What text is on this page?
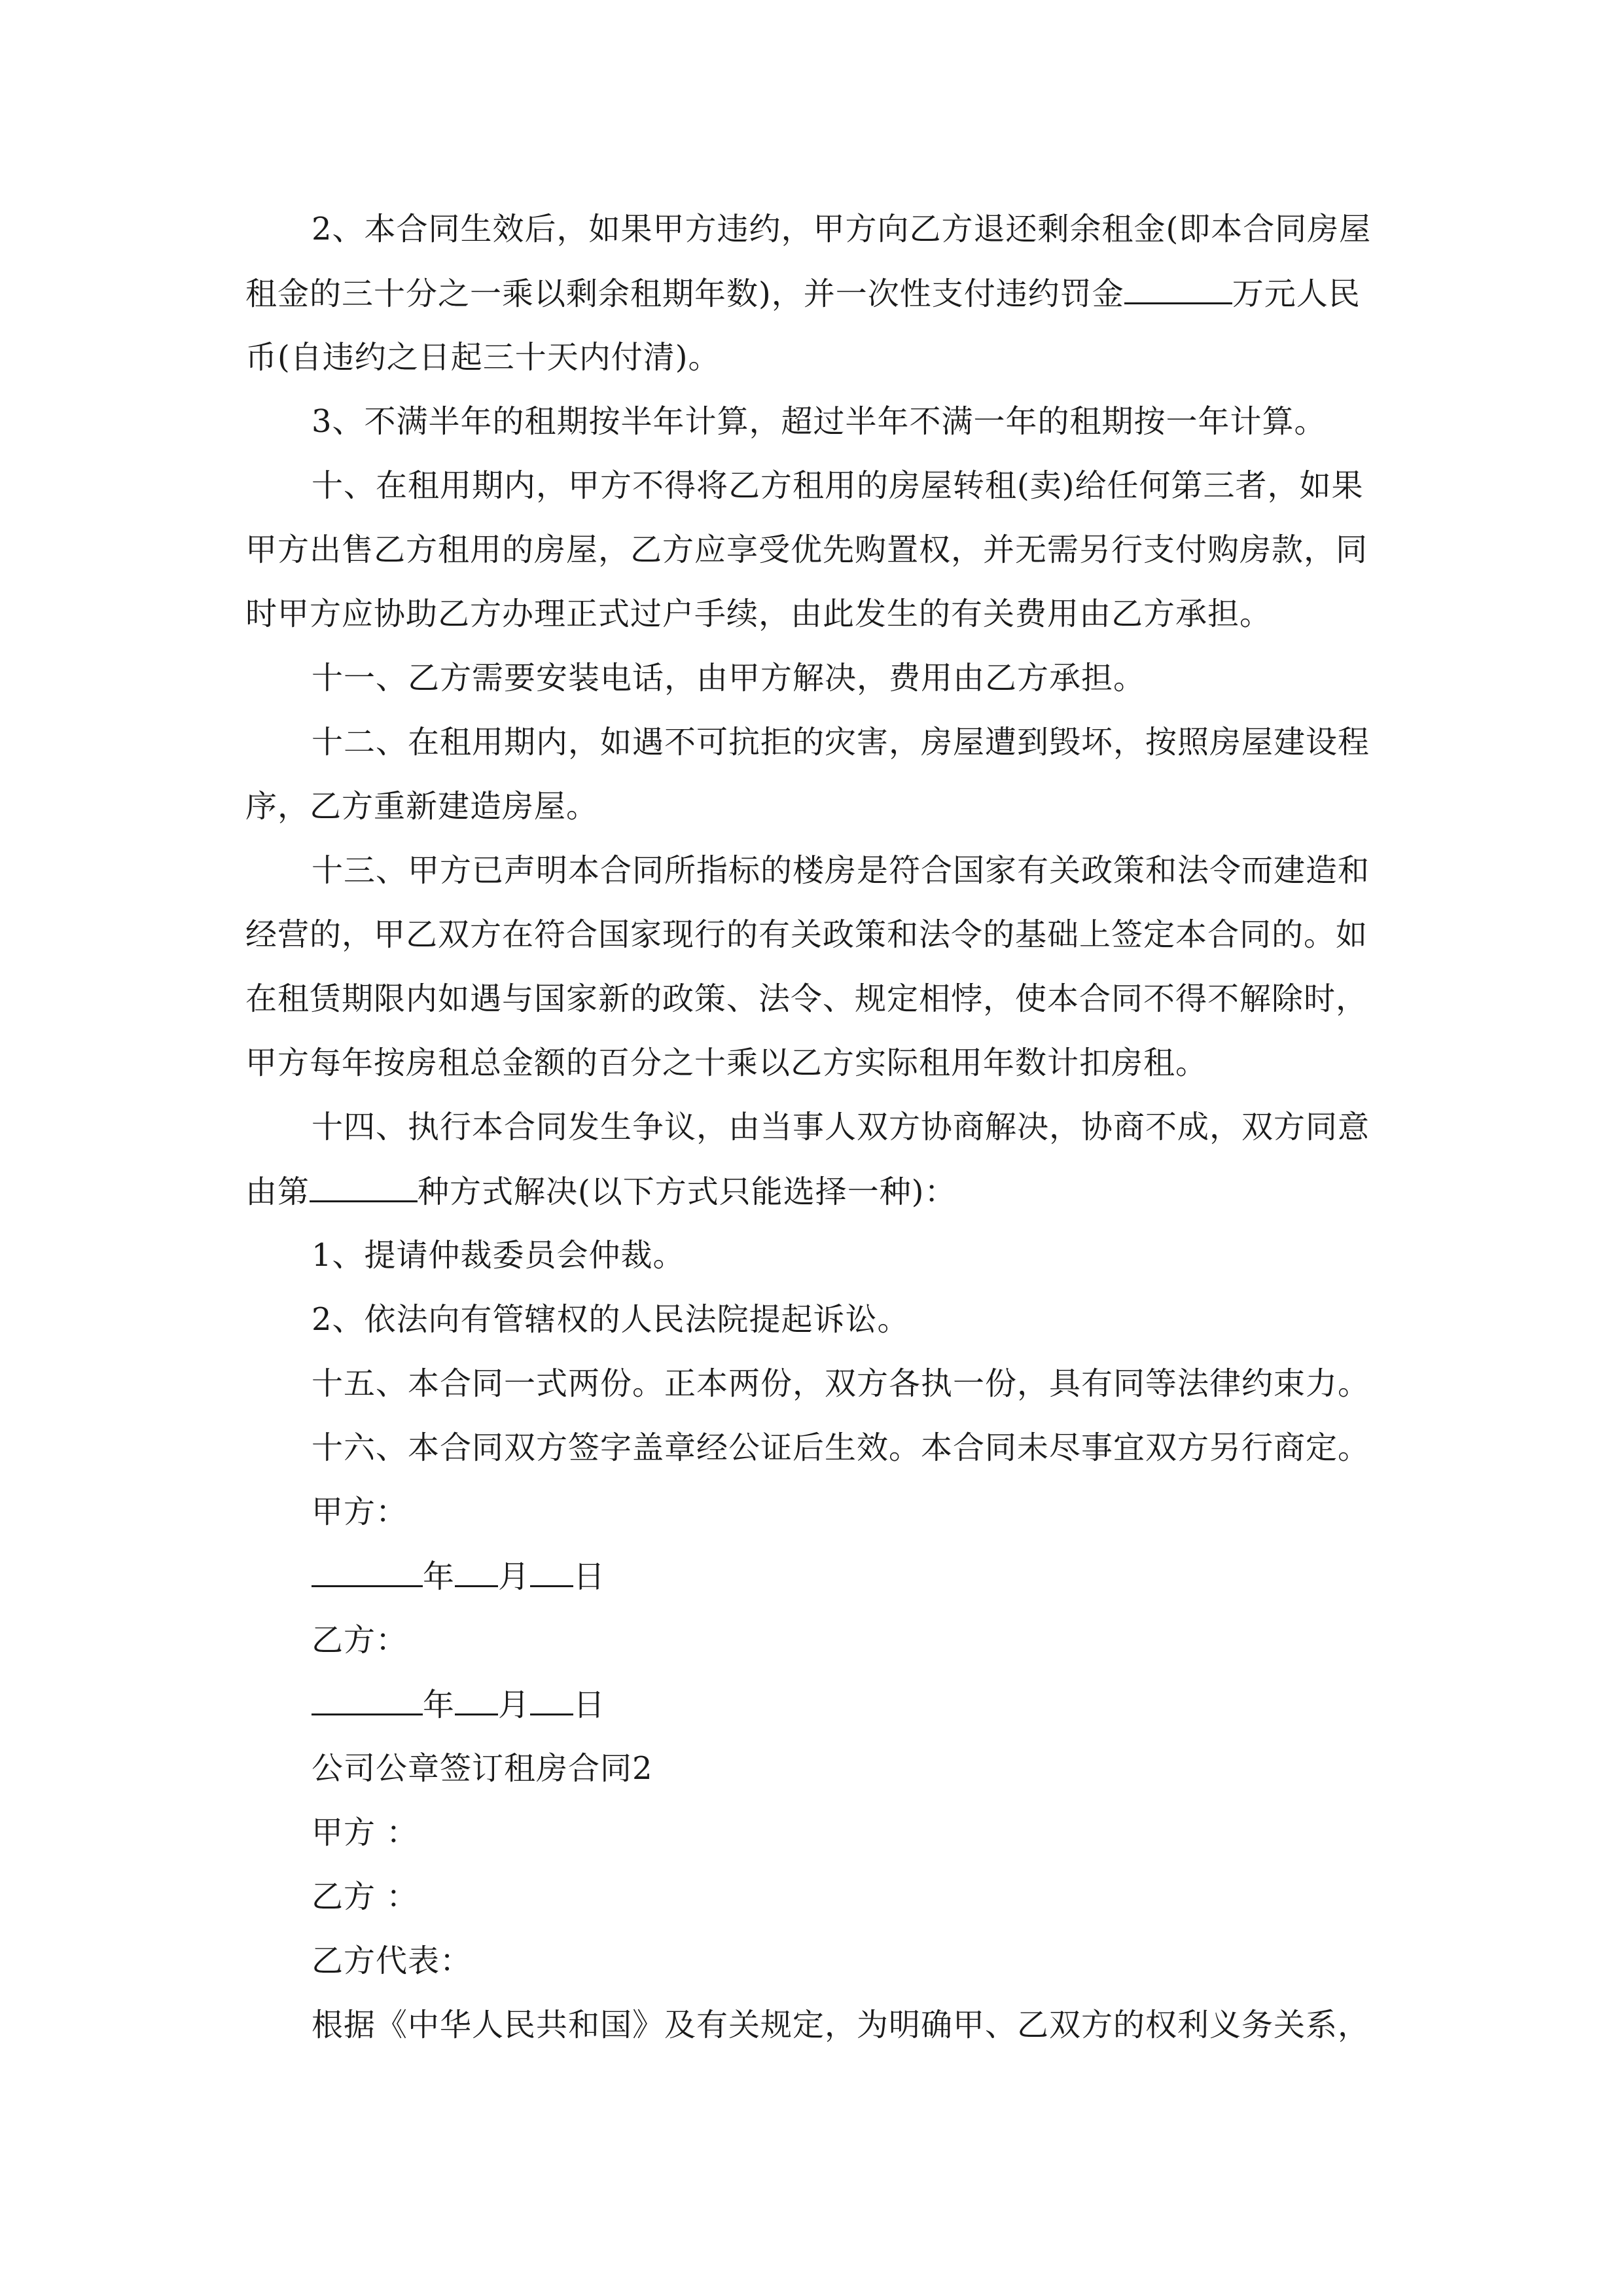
2、本合同生效后，如果甲方违约，甲方向乙方退还剩余租金(即本合同房屋
租金的三十分之一乘以剩余租期年数)，并一次性支付违约罚金	万元人民
币(自违约之日起三十天内付清)。
3、不满半年的租期按半年计算，超过半年不满一年的租期按一年计算。
十、在租用期内，甲方不得将乙方租用的房屋转租(卖)给任何第三者，如果
甲方出售乙方租用的房屋，乙方应享受优先购置权，并无需另行支付购房款，同
时甲方应协助乙方办理正式过户手续，由此发生的有关费用由乙方承担。
十一、乙方需要安装电话，由甲方解决，费用由乙方承担。
十二、在租用期内，如遇不可抗拒的灾害，房屋遭到毁坏，按照房屋建设程
序，乙方重新建造房屋。
十三、甲方已声明本合同所指标的楼房是符合国家有关政策和法令而建造和
经营的，甲乙双方在符合国家现行的有关政策和法令的基础上签定本合同的。如
在租赁期限内如遇与国家新的政策、法令、规定相悖，使本合同不得不解除时，
甲方每年按房租总金额的百分之十乘以乙方实际租用年数计扣房租。
十四、执行本合同发生争议，由当事人双方协商解决，协商不成，双方同意
由第	种方式解决(以下方式只能选择一种)：
1、提请仲裁委员会仲裁。
2、依法向有管辖权的人民法院提起诉讼。
十五、本合同一式两份。正本两份，双方各执一份，具有同等法律约束力。
十六、本合同双方签字盖章经公证后生效。本合同未尽事宜双方另行商定。
甲方：
年 月 日
乙方：
年 月 日
公司公章签订租房合同2
甲方 ：
乙方 ：
乙方代表：
根据《中华人民共和国》及有关规定，为明确甲、乙双方的权利义务关系，
